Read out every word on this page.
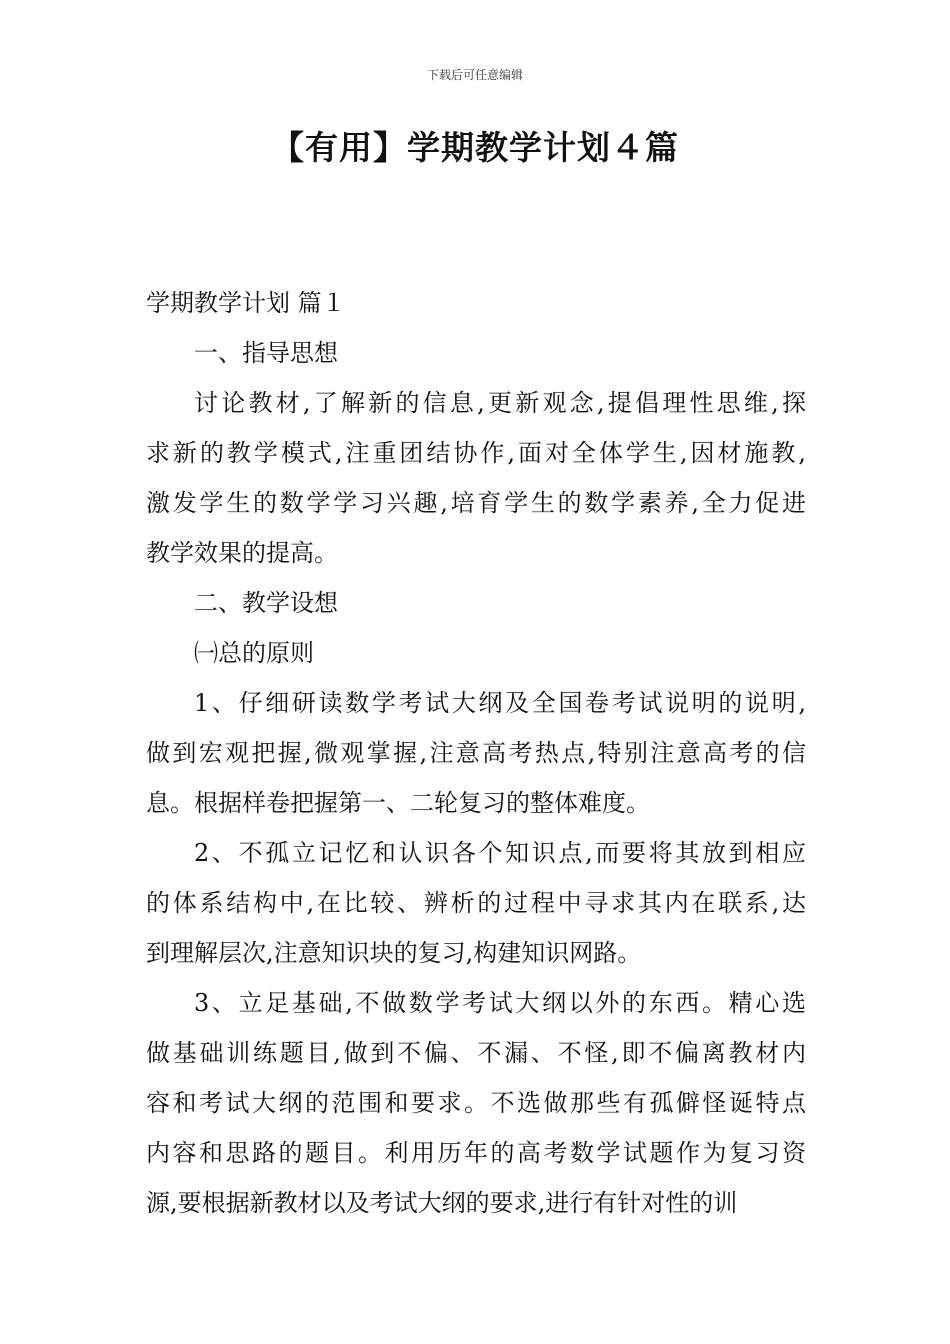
下载后可任意编辑
【有用】学期教学计划４篇
学期教学计划 篇１
一、指导思想
讨论教材,了解新的信息,更新观念,提倡理性思维,探
求新的教学模式,注重团结协作,面对全体学生,因材施教,
激发学生的数学学习兴趣,培育学生的数学素养,全力促进
教学效果的提高。
二、教学设想
㈠总的原则
1、仔细研读数学考试大纲及全国卷考试说明的说明,
做到宏观把握,微观掌握,注意高考热点,特别注意高考的信
息。根据样卷把握第一、二轮复习的整体难度。
2、不孤立记忆和认识各个知识点,而要将其放到相应
的体系结构中,在比较、辨析的过程中寻求其内在联系,达
到理解层次,注意知识块的复习,构建知识网路。
3、立足基础,不做数学考试大纲以外的东西。精心选
做基础训练题目,做到不偏、不漏、不怪,即不偏离教材内
容和考试大纲的范围和要求。不选做那些有孤僻怪诞特点
内容和思路的题目。利用历年的高考数学试题作为复习资
源,要根据新教材以及考试大纲的要求,进行有针对性的训
